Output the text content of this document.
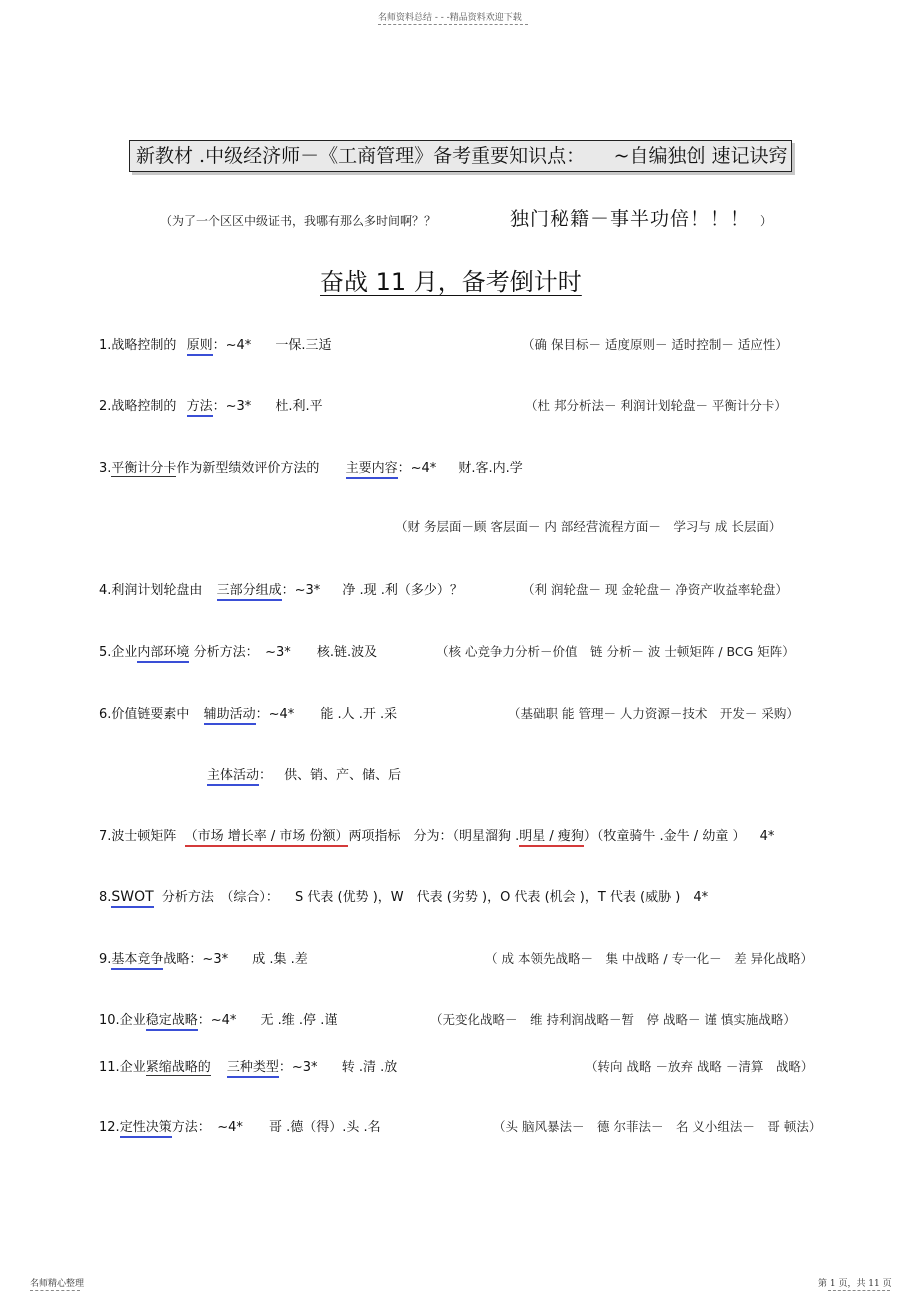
名师资料总结 - - -精品资料欢迎下载
新教材 .中级经济师－《工商管理》备考重要知识点：　　~自编独创 速记诀窍
（为了一个区区中级证书，我哪有那么多时间啊？？	独门秘籍－事半功倍！！！ ）
奋战 11 月，备考倒计时
1.战略控制的 原则：~4* 一保.三适	（确 保目标－ 适度原则－ 适时控制－ 适应性）
2.战略控制的 方法：~3* 杜.利.平	（杜 邦分析法－ 利润计划轮盘－ 平衡计分卡）
3.平衡计分卡作为新型绩效评价方法的 主要内容：~4* 财.客.内.学
（财 务层面－顾 客层面－ 内 部经营流程方面－　学习与 成 长层面）
4.利润计划轮盘由 三部分组成：~3* 净 .现 .利（多少）？	（利 润轮盘－ 现 金轮盘－ 净资产收益率轮盘）
5.企业内部环境 分析方法：　~3* 核.链.波及	（核 心竞争力分析－价值　链 分析－ 波 士顿矩阵 / BCG 矩阵）
6.价值链要素中 辅助活动：~4* 能 .人 .开 .采	（基础职 能 管理－ 人力资源－技术　开发－ 采购）
主体活动： 供、销、产、储、后
7.波士顿矩阵 （市场 增长率 / 市场 份额）两项指标　分为：（明星溜狗 .明星 / 瘦狗）（牧童骑牛 .金牛 / 幼童 ） 4*
8.SWOT 分析方法　（综合）： S 代表 (优势 )，W　代表 (劣势 )，O 代表 (机会 )，T 代表 (威胁 )　4*
9.基本竞争战略：~3* 成 .集 .差	（ 成 本领先战略－　集 中战略 / 专一化－　差 异化战略）
10.企业稳定战略：~4* 无 .维 .停 .谨	（无变化战略－　维 持利润战略－暂　停 战略－ 谨 慎实施战略）
11.企业紧缩战略的 三种类型：~3* 转 .清 .放	（转向 战略 －放弃 战略 －清算　战略）
12.定性决策方法：　~4* 哥 .德（得）.头 .名	（头 脑风暴法－　德 尔菲法－　名 义小组法－　哥 顿法）
名师精心整理	第 1 页，共 11 页
